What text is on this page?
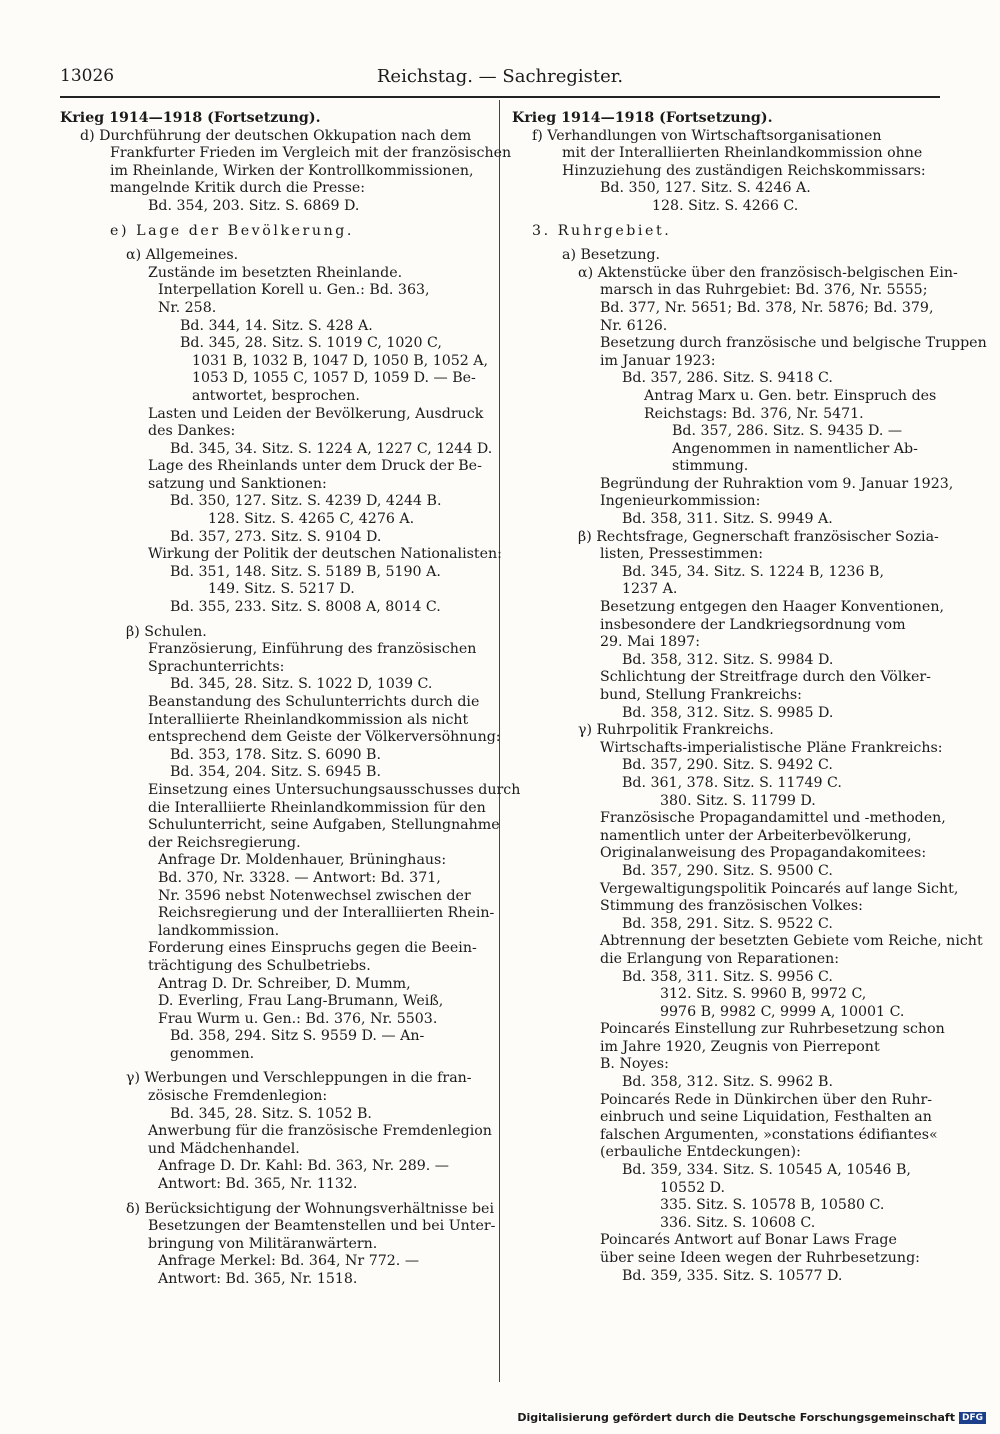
13026	Reichstag. — Sachregister.
Krieg 1914—1918 (Fortsetzung).
d) Durchführung der deutschen Okkupation nach dem
Frankfurter Frieden im Vergleich mit der französischen
im Rheinlande, Wirken der Kontrollkommissionen,
mangelnde Kritik durch die Presse:
Bd. 354, 203. Sitz. S. 6869 D.
e) Lage der Bevölkerung.
α) Allgemeines.
Zustände im besetzten Rheinlande.
Interpellation Korell u. Gen.: Bd. 363,
Nr. 258.
Bd. 344, 14. Sitz. S. 428 A.
Bd. 345, 28. Sitz. S. 1019 C, 1020 C,
1031 B, 1032 B, 1047 D, 1050 B, 1052 A,
1053 D, 1055 C, 1057 D, 1059 D. — Be-
antwortet, besprochen.
Lasten und Leiden der Bevölkerung, Ausdruck
des Dankes:
Bd. 345, 34. Sitz. S. 1224 A, 1227 C, 1244 D.
Lage des Rheinlands unter dem Druck der Be-
satzung und Sanktionen:
Bd. 350, 127. Sitz. S. 4239 D, 4244 B.
128. Sitz. S. 4265 C, 4276 A.
Bd. 357, 273. Sitz. S. 9104 D.
Wirkung der Politik der deutschen Nationalisten:
Bd. 351, 148. Sitz. S. 5189 B, 5190 A.
149. Sitz. S. 5217 D.
Bd. 355, 233. Sitz. S. 8008 A, 8014 C.
β) Schulen.
Französierung, Einführung des französischen
Sprachunterrichts:
Bd. 345, 28. Sitz. S. 1022 D, 1039 C.
Beanstandung des Schulunterrichts durch die
Interalliierte Rheinlandkommission als nicht
entsprechend dem Geiste der Völkerversöhnung:
Bd. 353, 178. Sitz. S. 6090 B.
Bd. 354, 204. Sitz. S. 6945 B.
Einsetzung eines Untersuchungsausschusses durch
die Interalliierte Rheinlandkommission für den
Schulunterricht, seine Aufgaben, Stellungnahme
der Reichsregierung.
Anfrage Dr. Moldenhauer, Brüninghaus:
Bd. 370, Nr. 3328. — Antwort: Bd. 371,
Nr. 3596 nebst Notenwechsel zwischen der
Reichsregierung und der Interalliierten Rhein-
landkommission.
Forderung eines Einspruchs gegen die Beein-
trächtigung des Schulbetriebs.
Antrag D. Dr. Schreiber, D. Mumm,
D. Everling, Frau Lang-Brumann, Weiß,
Frau Wurm u. Gen.: Bd. 376, Nr. 5503.
Bd. 358, 294. Sitz S. 9559 D. — An-
genommen.
γ) Werbungen und Verschleppungen in die fran-
zösische Fremdenlegion:
Bd. 345, 28. Sitz. S. 1052 B.
Anwerbung für die französische Fremdenlegion
und Mädchenhandel.
Anfrage D. Dr. Kahl: Bd. 363, Nr. 289. —
Antwort: Bd. 365, Nr. 1132.
δ) Berücksichtigung der Wohnungsverhältnisse bei
Besetzungen der Beamtenstellen und bei Unter-
bringung von Militäranwärtern.
Anfrage Merkel: Bd. 364, Nr 772. —
Antwort: Bd. 365, Nr. 1518.
Krieg 1914—1918 (Fortsetzung).
f) Verhandlungen von Wirtschaftsorganisationen
mit der Interalliierten Rheinlandkommission ohne
Hinzuziehung des zuständigen Reichskommissars:
Bd. 350, 127. Sitz. S. 4246 A.
128. Sitz. S. 4266 C.
3. Ruhrgebiet.
a) Besetzung.
α) Aktenstücke über den französisch-belgischen Ein-
marsch in das Ruhrgebiet: Bd. 376, Nr. 5555;
Bd. 377, Nr. 5651; Bd. 378, Nr. 5876; Bd. 379,
Nr. 6126.
Besetzung durch französische und belgische Truppen
im Januar 1923:
Bd. 357, 286. Sitz. S. 9418 C.
Antrag Marx u. Gen. betr. Einspruch des
Reichstags: Bd. 376, Nr. 5471.
Bd. 357, 286. Sitz. S. 9435 D. —
Angenommen in namentlicher Ab-
stimmung.
Begründung der Ruhraktion vom 9. Januar 1923,
Ingenieurkommission:
Bd. 358, 311. Sitz. S. 9949 A.
β) Rechtsfrage, Gegnerschaft französischer Sozia-
listen, Pressestimmen:
Bd. 345, 34. Sitz. S. 1224 B, 1236 B,
1237 A.
Besetzung entgegen den Haager Konventionen,
insbesondere der Landkriegsordnung vom
29. Mai 1897:
Bd. 358, 312. Sitz. S. 9984 D.
Schlichtung der Streitfrage durch den Völker-
bund, Stellung Frankreichs:
Bd. 358, 312. Sitz. S. 9985 D.
γ) Ruhrpolitik Frankreichs.
Wirtschafts-imperialistische Pläne Frankreichs:
Bd. 357, 290. Sitz. S. 9492 C.
Bd. 361, 378. Sitz. S. 11749 C.
380. Sitz. S. 11799 D.
Französische Propagandamittel und -methoden,
namentlich unter der Arbeiterbevölkerung,
Originalanweisung des Propagandakomitees:
Bd. 357, 290. Sitz. S. 9500 C.
Vergewaltigungspolitik Poincarés auf lange Sicht,
Stimmung des französischen Volkes:
Bd. 358, 291. Sitz. S. 9522 C.
Abtrennung der besetzten Gebiete vom Reiche, nicht
die Erlangung von Reparationen:
Bd. 358, 311. Sitz. S. 9956 C.
312. Sitz. S. 9960 B, 9972 C,
9976 B, 9982 C, 9999 A, 10001 C.
Poincarés Einstellung zur Ruhrbesetzung schon
im Jahre 1920, Zeugnis von Pierrepont
B. Noyes:
Bd. 358, 312. Sitz. S. 9962 B.
Poincarés Rede in Dünkirchen über den Ruhr-
einbruch und seine Liquidation, Festhalten an
falschen Argumenten, »constations édifiantes«
(erbauliche Entdeckungen):
Bd. 359, 334. Sitz. S. 10545 A, 10546 B,
10552 D.
335. Sitz. S. 10578 B, 10580 C.
336. Sitz. S. 10608 C.
Poincarés Antwort auf Bonar Laws Frage
über seine Ideen wegen der Ruhrbesetzung:
Bd. 359, 335. Sitz. S. 10577 D.
Digitalisierung gefördert durch die Deutsche Forschungsgemeinschaft DFG
